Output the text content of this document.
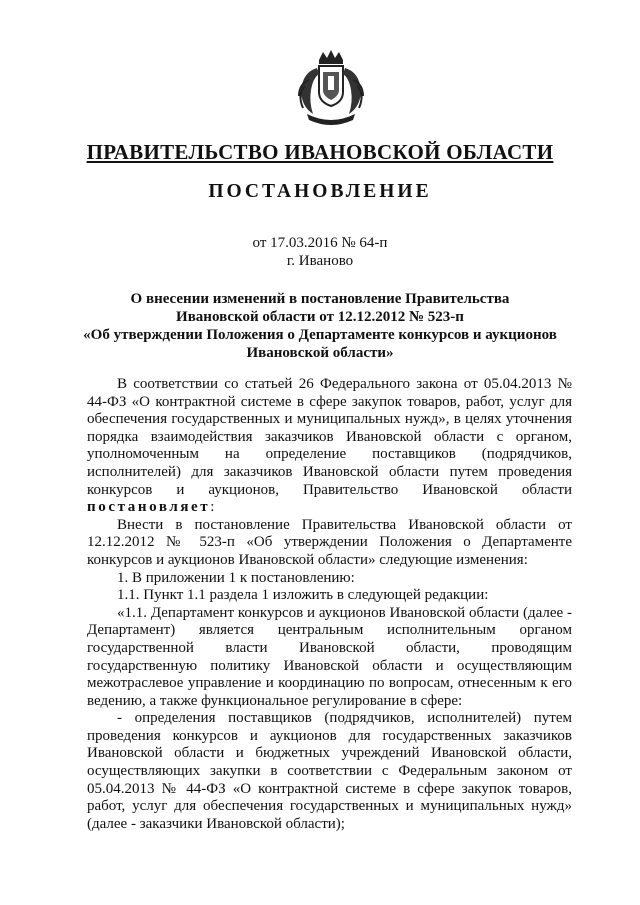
ПРАВИТЕЛЬСТВО ИВАНОВСКОЙ ОБЛАСТИ
ПОСТАНОВЛЕНИЕ
от 17.03.2016 № 64-п
г. Иваново
О внесении изменений в постановление Правительства
Ивановской области от 12.12.2012 № 523-п
«Об утверждении Положения о Департаменте конкурсов и аукционов
Ивановской области»

В соответствии со статьей 26 Федерального закона от 05.04.2013 № 44-ФЗ «О контрактной системе в сфере закупок товаров, работ, услуг для обеспечения государственных и муниципальных нужд», в целях уточнения порядка взаимодействия заказчиков Ивановской области с органом, уполномоченным на определение поставщиков (подрядчиков, исполнителей) для заказчиков Ивановской области путем проведения конкурсов и аукционов, Правительство Ивановской области

постановляет:

Внести в постановление Правительства Ивановской области от 12.12.2012 № 523-п «Об утверждении Положения о Департаменте конкурсов и аукционов Ивановской области» следующие изменения:

1. В приложении 1 к постановлению:

1.1. Пункт 1.1 раздела 1 изложить в следующей редакции:

«1.1. Департамент конкурсов и аукционов Ивановской области (далее - Департамент) является центральным исполнительным органом государственной власти Ивановской области, проводящим государственную политику Ивановской области и осуществляющим межотраслевое управление и координацию по вопросам, отнесенным к его ведению, а также функциональное регулирование в сфере:

- определения поставщиков (подрядчиков, исполнителей) путем проведения конкурсов и аукционов для государственных заказчиков Ивановской области и бюджетных учреждений Ивановской области, осуществляющих закупки в соответствии с Федеральным законом от 05.04.2013 № 44-ФЗ «О контрактной системе в сфере закупок товаров, работ, услуг для обеспечения государственных и муниципальных нужд» (далее - заказчики Ивановской области);
